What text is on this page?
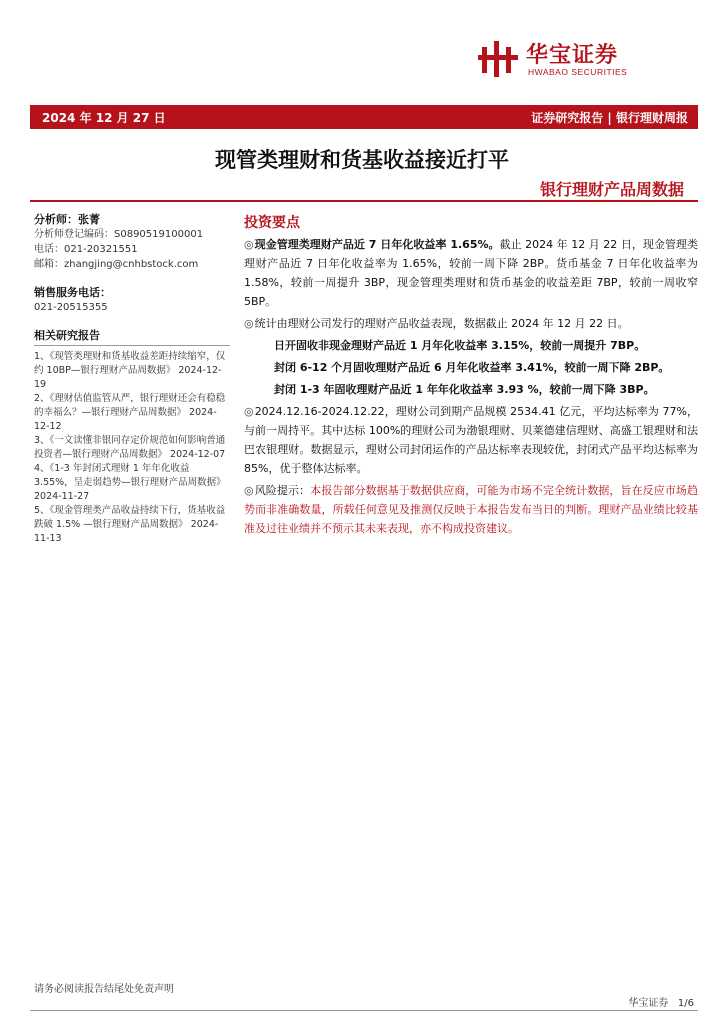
华宝证券
HWABAO SECURITIES
2024 年 12 月 27 日	证券研究报告 | 银行理财周报
现管类理财和货基收益接近打平
银行理财产品周数据
分析师：张菁
分析师登记编码：S0890519100001
电话：021-20321551
邮箱：zhangjing@cnhbstock.com
销售服务电话：
021-20515355
相关研究报告
1、《现管类理财和货基收益差距持续缩窄，仅约 10BP—银行理财产品周数据》 2024-12-19
2、《理财估值监管从严，银行理财还会有稳稳的幸福么？—银行理财产品周数据》 2024-12-12
3、《一文读懂非银同存定价规范如何影响普通投资者—银行理财产品周数据》 2024-12-07
4、《1-3 年封闭式理财 1 年年化收益 3.55%，呈走弱趋势—银行理财产品周数据》 2024-11-27
5、《现金管理类产品收益持续下行，货基收益跌破 1.5% —银行理财产品周数据》 2024-11-13
投资要点
◎现金管理类理财产品近 7 日年化收益率 1.65%。截止 2024 年 12 月 22 日，现金管理类理财产品近 7 日年化收益率为 1.65%，较前一周下降 2BP。货币基金 7 日年化收益率为 1.58%，较前一周提升 3BP，现金管理类理财和货币基金的收益差距 7BP，较前一周收窄 5BP。
◎统计由理财公司发行的理财产品收益表现，数据截止 2024 年 12 月 22 日。
日开固收非现金理财产品近 1 月年化收益率 3.15%，较前一周提升 7BP。
封闭 6-12 个月固收理财产品近 6 月年化收益率 3.41%，较前一周下降 2BP。
封闭 1-3 年固收理财产品近 1 年年化收益率 3.93 %，较前一周下降 3BP。
◎2024.12.16-2024.12.22，理财公司到期产品规模 2534.41 亿元，平均达标率为 77%，与前一周持平。其中达标 100%的理财公司为渤银理财、贝莱德建信理财、高盛工银理财和法巴农银理财。数据显示，理财公司封闭运作的产品达标率表现较优，封闭式产品平均达标率为 85%，优于整体达标率。
◎风险提示：本报告部分数据基于数据供应商，可能为市场不完全统计数据，旨在反应市场趋势而非准确数量，所载任何意见及推测仅反映于本报告发布当日的判断。理财产品业绩比较基准及过往业绩并不预示其未来表现，亦不构成投资建议。
请务必阅读报告结尾处免责声明
华宝证券 1/6
